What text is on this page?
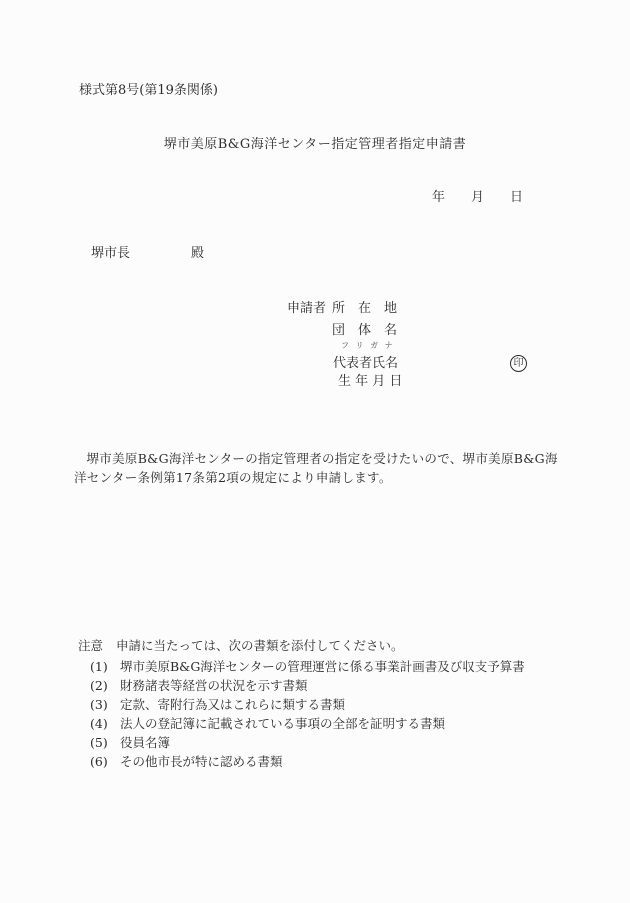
様式第8号(第19条関係)
堺市美原B&G海洋センター指定管理者指定申請書
年　　月　　日
堺市長	殿
申請者 所　在　地
団　体　名
フ リ ガ ナ
代表者氏名	印
生 年 月 日

堺市美原B&G海洋センターの指定管理者の指定を受けたいので、堺市美原B&G海洋センター条例第17条第2項の規定により申請します。

注意 申請に当たっては、次の書類を添付してください。
(1) 堺市美原B&G海洋センターの管理運営に係る事業計画書及び収支予算書
(2) 財務諸表等経営の状況を示す書類
(3) 定款、寄附行為又はこれらに類する書類
(4) 法人の登記簿に記載されている事項の全部を証明する書類
(5) 役員名簿
(6) その他市長が特に認める書類
